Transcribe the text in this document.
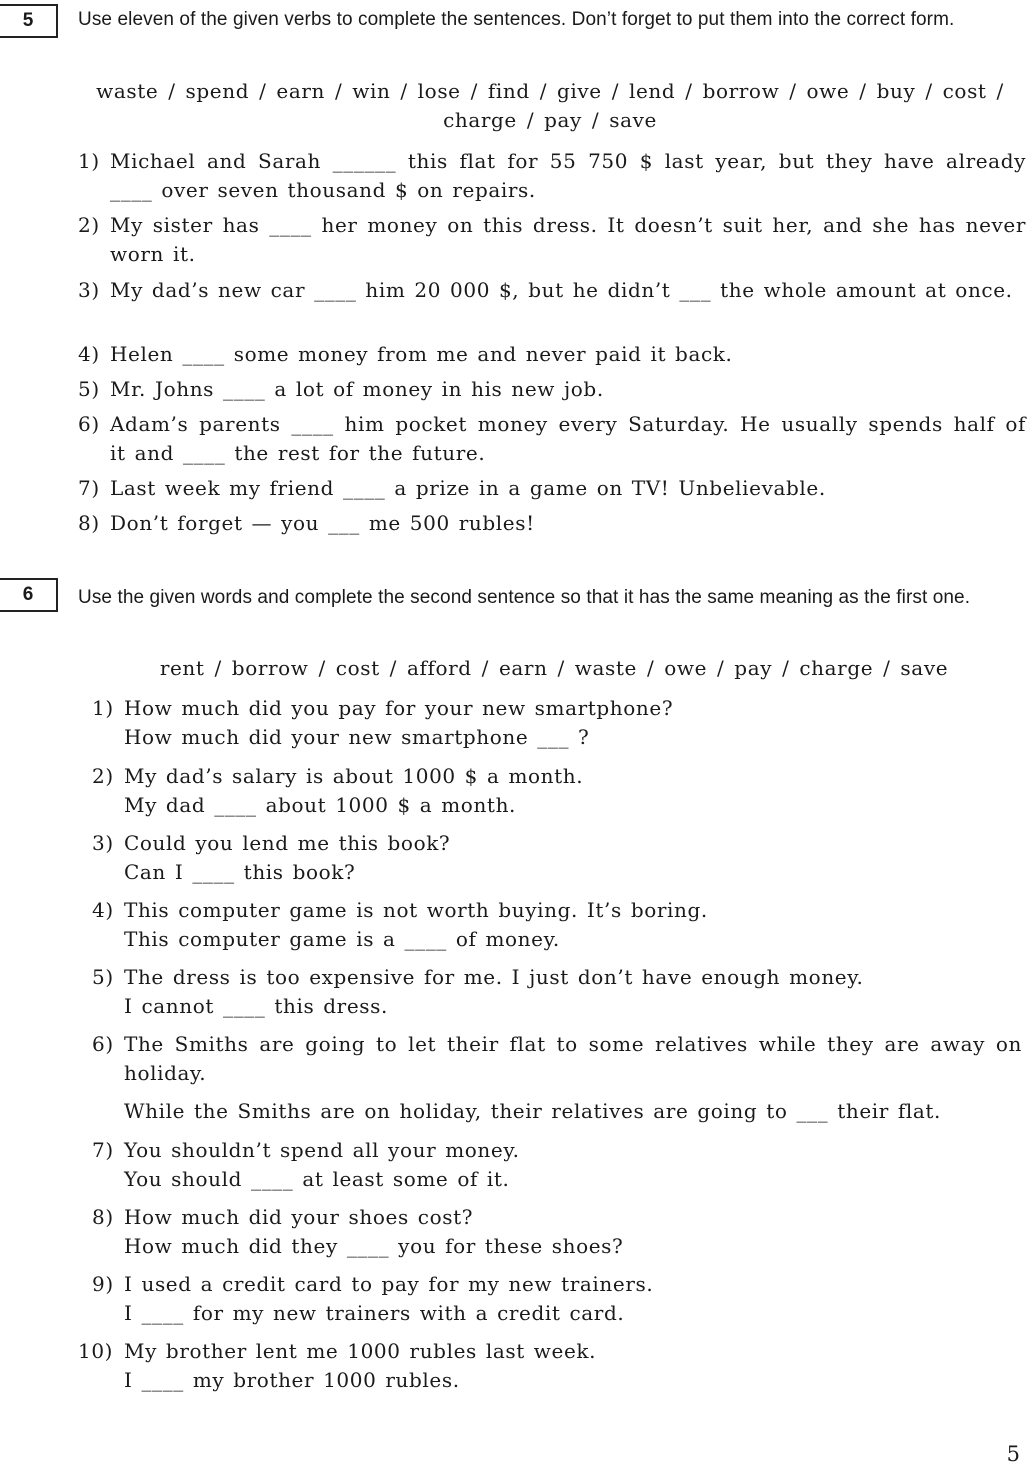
5	Use eleven of the given verbs to complete the sentences. Don’t forget to put them into the correct form.
waste / spend / earn / win / lose / find / give / lend / borrow / owe / buy / cost / charge / pay / save
1) Michael and Sarah ______ this flat for 55 750 $ last year, but they have already ____ over seven thousand $ on repairs.
2) My sister has ____ her money on this dress. It doesn’t suit her, and she has never worn it.
3) My dad’s new car ____ him 20 000 $, but he didn’t ___ the whole amount at once.
4) Helen ____ some money from me and never paid it back.
5) Mr. Johns ____ a lot of money in his new job.
6) Adam’s parents ____ him pocket money every Saturday. He usually spends half of it and ____ the rest for the future.
7) Last week my friend ____ a prize in a game on TV! Unbelievable.
8) Don’t forget — you ___ me 500 rubles!
6	Use the given words and complete the second sentence so that it has the same meaning as the first one.
rent / borrow / cost / afford / earn / waste / owe / pay / charge / save
1) How much did you pay for your new smartphone?
How much did your new smartphone ___ ?
2) My dad’s salary is about 1000 $ a month.
My dad ____ about 1000 $ a month.
3) Could you lend me this book?
Can I ____ this book?
4) This computer game is not worth buying. It’s boring.
This computer game is a ____ of money.
5) The dress is too expensive for me. I just don’t have enough money.
I cannot ____ this dress.
6) The Smiths are going to let their flat to some relatives while they are away on holiday.
While the Smiths are on holiday, their relatives are going to ___ their flat.
7) You shouldn’t spend all your money.
You should ____ at least some of it.
8) How much did your shoes cost?
How much did they ____ you for these shoes?
9) I used a credit card to pay for my new trainers.
I ____ for my new trainers with a credit card.
10) My brother lent me 1000 rubles last week.
I ____ my brother 1000 rubles.
5
